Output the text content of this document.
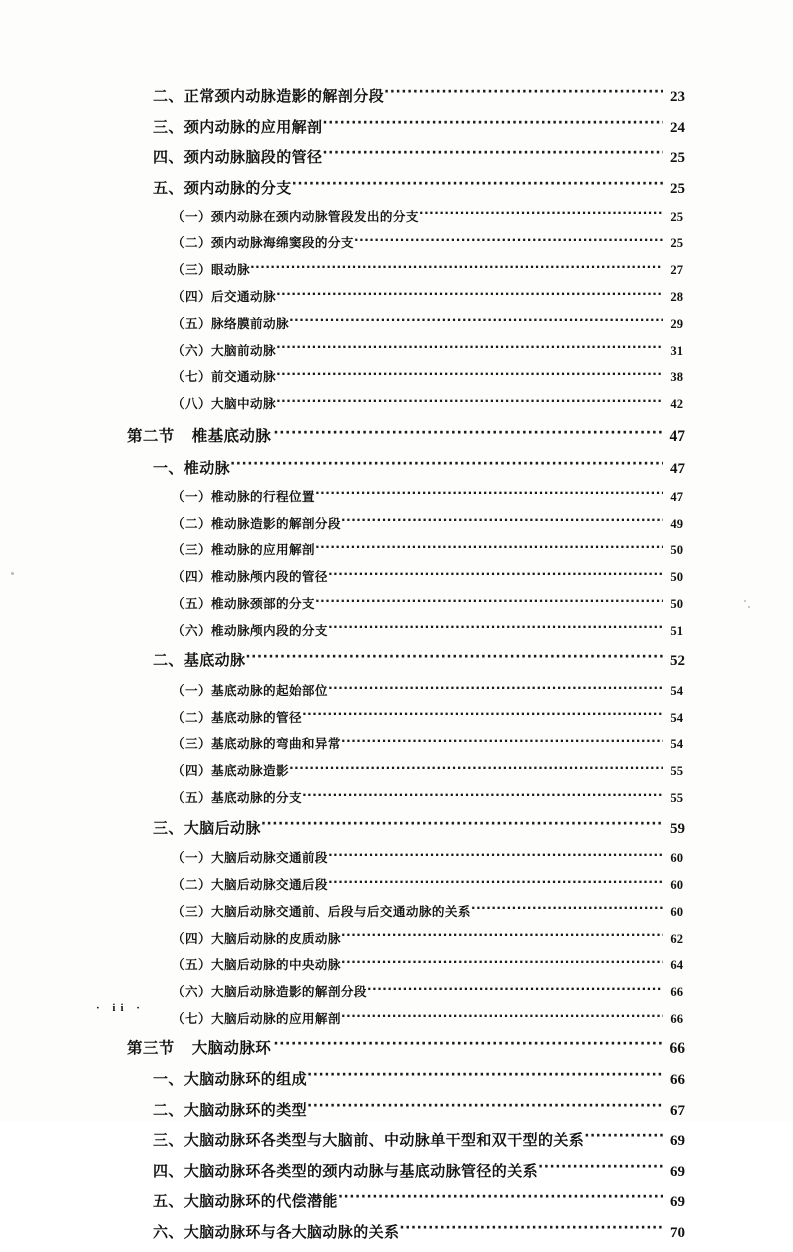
二、正常颈内动脉造影的解剖分段 ·····	23
三、颈内动脉的应用解剖 ·····	24
四、颈内动脉脑段的管径 ·····	25
五、颈内动脉的分支 ·····	25
（一）颈内动脉在颈内动脉管段发出的分支 ·····	25
（二）颈内动脉海绵窦段的分支 ·····	25
（三）眼动脉 ·····	27
（四）后交通动脉 ·····	28
（五）脉络膜前动脉 ·····	29
（六）大脑前动脉 ·····	31
（七）前交通动脉 ·····	38
（八）大脑中动脉 ·····	42
第二节 椎基底动脉 ·····	47
一、椎动脉 ·····	47
（一）椎动脉的行程位置 ·····	47
（二）椎动脉造影的解剖分段 ·····	49
（三）椎动脉的应用解剖 ·····	50
（四）椎动脉颅内段的管径 ·····	50
（五）椎动脉颈部的分支 ·····	50
（六）椎动脉颅内段的分支 ·····	51
二、基底动脉 ·····	52
（一）基底动脉的起始部位 ·····	54
（二）基底动脉的管径 ·····	54
（三）基底动脉的弯曲和异常 ·····	54
（四）基底动脉造影 ·····	55
（五）基底动脉的分支 ·····	55
三、大脑后动脉 ·····	59
（一）大脑后动脉交通前段 ·····	60
（二）大脑后动脉交通后段 ·····	60
（三）大脑后动脉交通前、后段与后交通动脉的关系 ·····	60
（四）大脑后动脉的皮质动脉 ·····	62
（五）大脑后动脉的中央动脉 ·····	64
（六）大脑后动脉造影的解剖分段 ·····	66
（七）大脑后动脉的应用解剖 ·····	66
第三节 大脑动脉环 ·····	66
一、大脑动脉环的组成 ·····	66
二、大脑动脉环的类型 ·····	67
三、大脑动脉环各类型与大脑前、中动脉单干型和双干型的关系 ·····	69
四、大脑动脉环各类型的颈内动脉与基底动脉管径的关系 ·····	69
五、大脑动脉环的代偿潜能 ·····	69
六、大脑动脉环与各大脑动脉的关系 ·····	70
· ii ·
